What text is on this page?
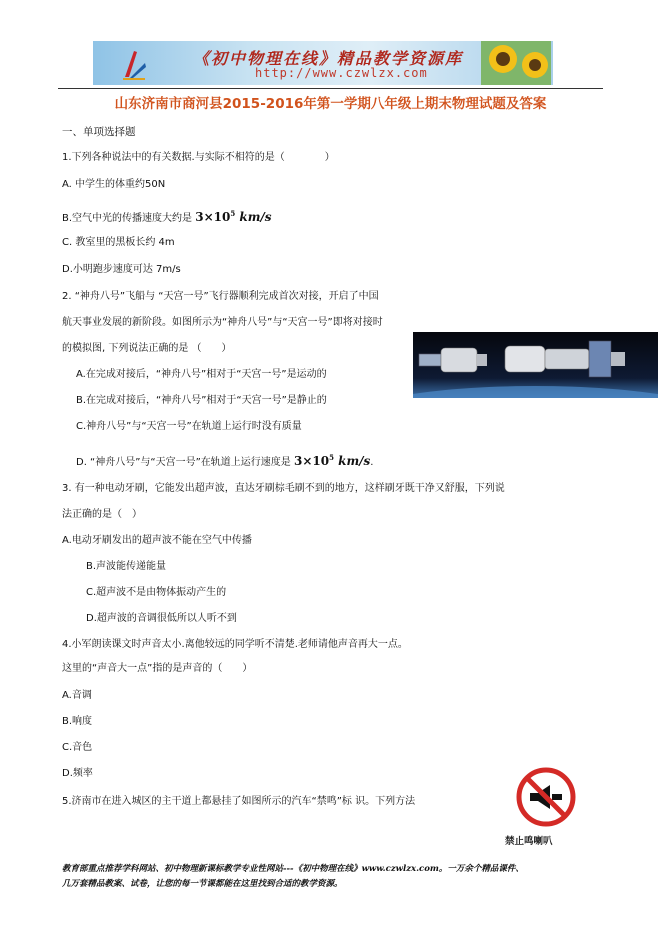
《初中物理在线》精品教学资源库
http://www.czwlzx.com
山东济南市商河县2015-2016年第一学期八年级上期末物理试题及答案
一、单项选择题
1.下列各种说法中的有关数据.与实际不相符的是（　　　　）
A. 中学生的体重约50N
B.空气中光的传播速度大约是 $3\times 10^5$ km/s
C. 教室里的黑板长约 4m
D.小明跑步速度可达 7m/s
2. “神舟八号”飞船与 “天宫一号”飞行器顺利完成首次对接，开启了中国
航天事业发展的新阶段。如图所示为“神舟八号”与“天宫一号”即将对接时
的模拟图, 下列说法正确的是 （　　）
A.在完成对接后，“神舟八号”相对于“天宫一号”是运动的
B.在完成对接后，“神舟八号”相对于“天宫一号”是静止的
C.神舟八号”与“天宫一号”在轨道上运行时没有质量
D. “神舟八号”与“天宫一号”在轨道上运行速度是 $3\times 10^5$ km/s.
3. 有一种电动牙刷，它能发出超声波，直达牙刷棕毛刷不到的地方，这样刷牙既干净又舒服，下列说
法正确的是（　）
A.电动牙刷发出的超声波不能在空气中传播
B.声波能传递能量
C.超声波不是由物体振动产生的
D.超声波的音调很低所以人听不到
4.小军朗读课文时声音太小.离他较远的同学听不清楚.老师请他声音再大一点。
这里的“声音大一点”指的是声音的（　　）
A.音调
B.响度
C.音色
D.频率
5.济南市在进入城区的主干道上都悬挂了如图所示的汽车“禁鸣”标 识。下列方法
禁止鸣喇叭
教育部重点推荐学科网站、初中物理新课标教学专业性网站---《初中物理在线》www.czwlzx.com。一万余个精品课件、
几万套精品教案、试卷，让您的每一节课都能在这里找到合适的教学资源。
